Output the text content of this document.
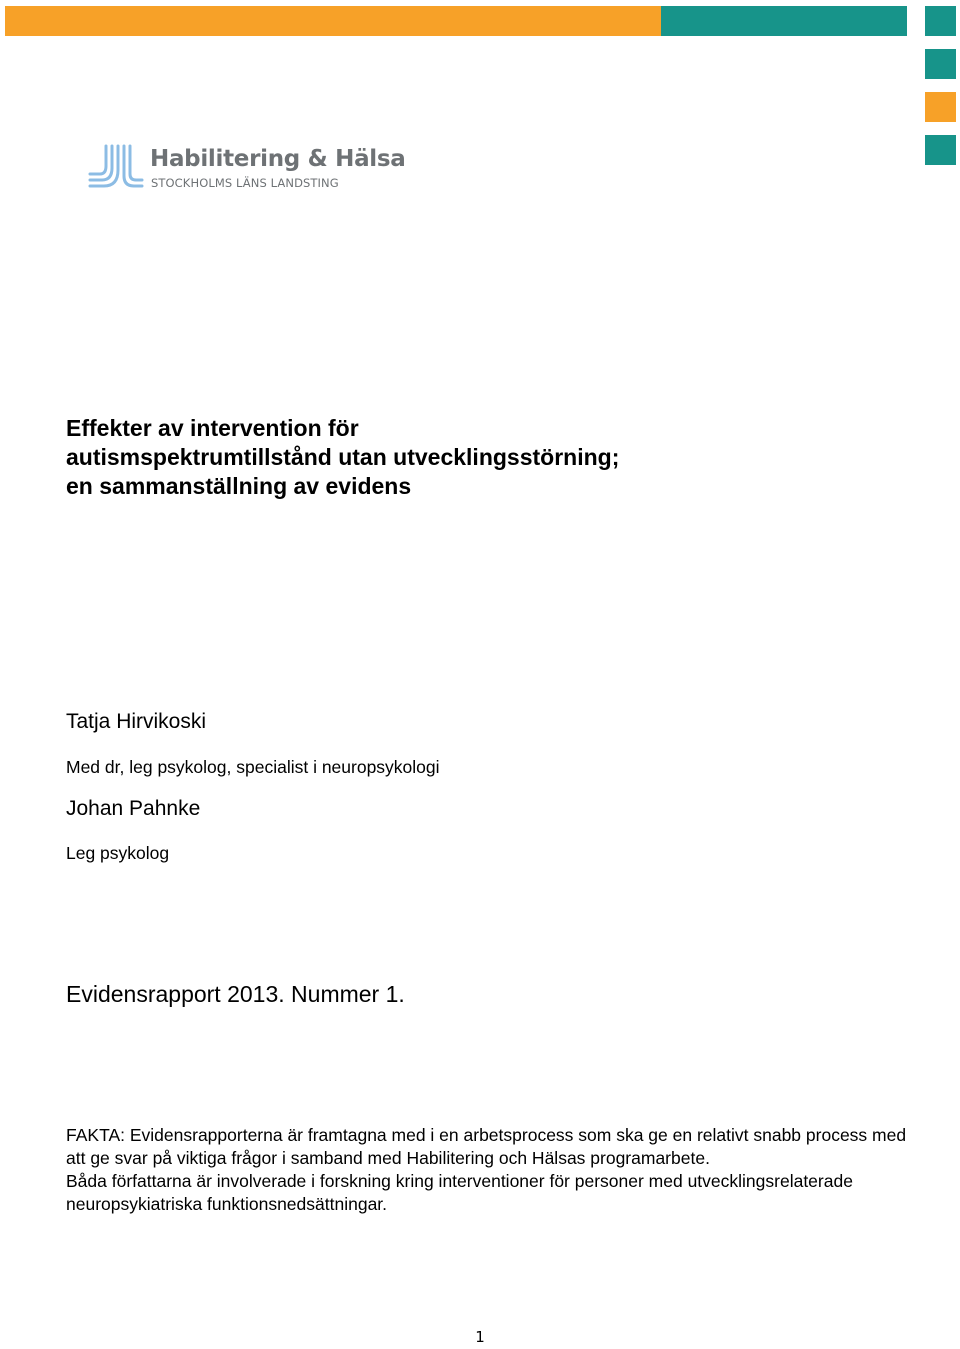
Habilitering & Hälsa
STOCKHOLMS LÄNS LANDSTING
Effekter av intervention för
autismspektrumtillstånd utan utvecklingsstörning;
en sammanställning av evidens
Tatja Hirvikoski
Med dr, leg psykolog, specialist i neuropsykologi
Johan Pahnke
Leg psykolog
Evidensrapport 2013. Nummer 1.

FAKTA: Evidensrapporterna är framtagna med i en arbetsprocess som ska ge en relativt snabb process med att ge svar på viktiga frågor i samband med Habilitering och Hälsas programarbete.

Båda författarna är involverade i forskning kring interventioner för personer med utvecklingsrelaterade neuropsykiatriska funktionsnedsättningar.

1
